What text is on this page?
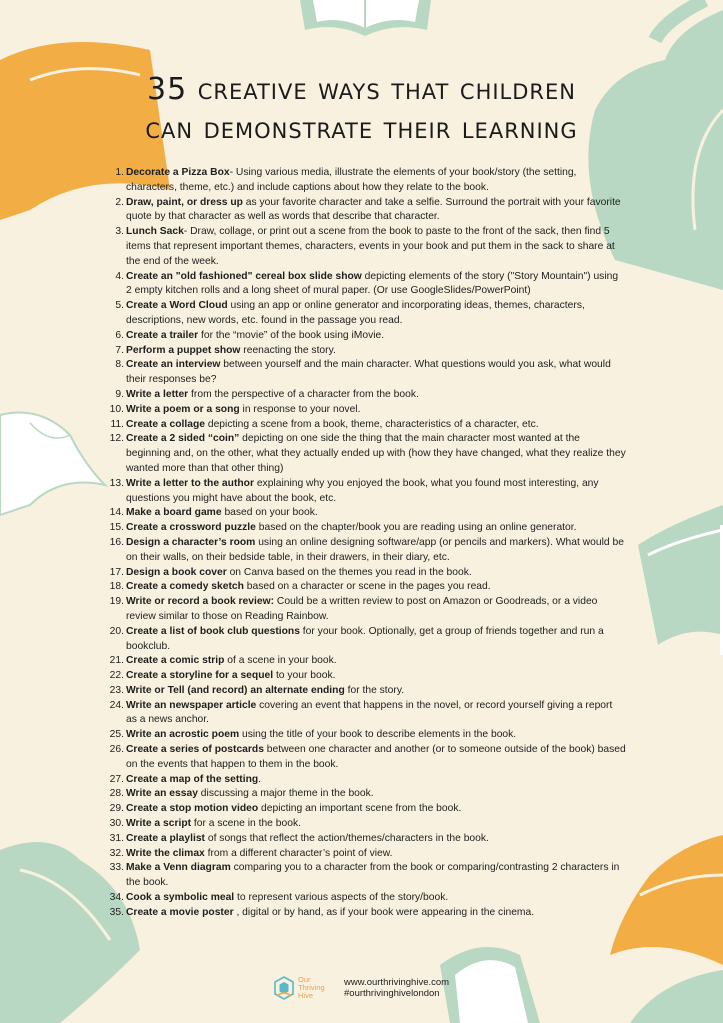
35 creative ways that children
can demonstrate their learning
1. Decorate a Pizza Box- Using various media, illustrate the elements of your book/story (the setting, characters, theme, etc.) and include captions about how they relate to the book.
2. Draw, paint, or dress up as your favorite character and take a selfie. Surround the portrait with your favorite quote by that character as well as words that describe that character.
3. Lunch Sack- Draw, collage, or print out a scene from the book to paste to the front of the sack, then find 5 items that represent important themes, characters, events in your book and put them in the sack to share at the end of the week.
4. Create an "old fashioned" cereal box slide show depicting elements of the story ("Story Mountain") using 2 empty kitchen rolls and a long sheet of mural paper. (Or use GoogleSlides/PowerPoint)
5. Create a Word Cloud using an app or online generator and incorporating ideas, themes, characters, descriptions, new words, etc. found in the passage you read.
6. Create a trailer for the “movie” of the book using iMovie.
7. Perform a puppet show reenacting the story.
8. Create an interview between yourself and the main character. What questions would you ask, what would their responses be?
9. Write a letter from the perspective of a character from the book.
10. Write a poem or a song in response to your novel.
11. Create a collage depicting a scene from a book, theme, characteristics of a character, etc.
12. Create a 2 sided “coin” depicting on one side the thing that the main character most wanted at the beginning and, on the other, what they actually ended up with (how they have changed, what they realize they wanted more than that other thing)
13. Write a letter to the author explaining why you enjoyed the book, what you found most interesting, any questions you might have about the book, etc.
14. Make a board game based on your book.
15. Create a crossword puzzle based on the chapter/book you are reading using an online generator.
16. Design a character’s room using an online designing software/app (or pencils and markers). What would be on their walls, on their bedside table, in their drawers, in their diary, etc.
17. Design a book cover on Canva based on the themes you read in the book.
18. Create a comedy sketch based on a character or scene in the pages you read.
19. Write or record a book review: Could be a written review to post on Amazon or Goodreads, or a video review similar to those on Reading Rainbow.
20. Create a list of book club questions for your book. Optionally, get a group of friends together and run a bookclub.
21. Create a comic strip of a scene in your book.
22. Create a storyline for a sequel to your book.
23. Write or Tell (and record) an alternate ending for the story.
24. Write an newspaper article covering an event that happens in the novel, or record yourself giving a report as a news anchor.
25. Write an acrostic poem using the title of your book to describe elements in the book.
26. Create a series of postcards between one character and another (or to someone outside of the book) based on the events that happen to them in the book.
27. Create a map of the setting.
28. Write an essay discussing a major theme in the book.
29. Create a stop motion video depicting an important scene from the book.
30. Write a script for a scene in the book.
31. Create a playlist of songs that reflect the action/themes/characters in the book.
32. Write the climax from a different character’s point of view.
33. Make a Venn diagram comparing you to a character from the book or comparing/contrasting 2 characters in the book.
34. Cook a symbolic meal to represent various aspects of the story/book.
35. Create a movie poster , digital or by hand, as if your book were appearing in the cinema.
Our
Thriving
Hive
www.ourthrivinghive.com
#ourthrivinghivelondon
